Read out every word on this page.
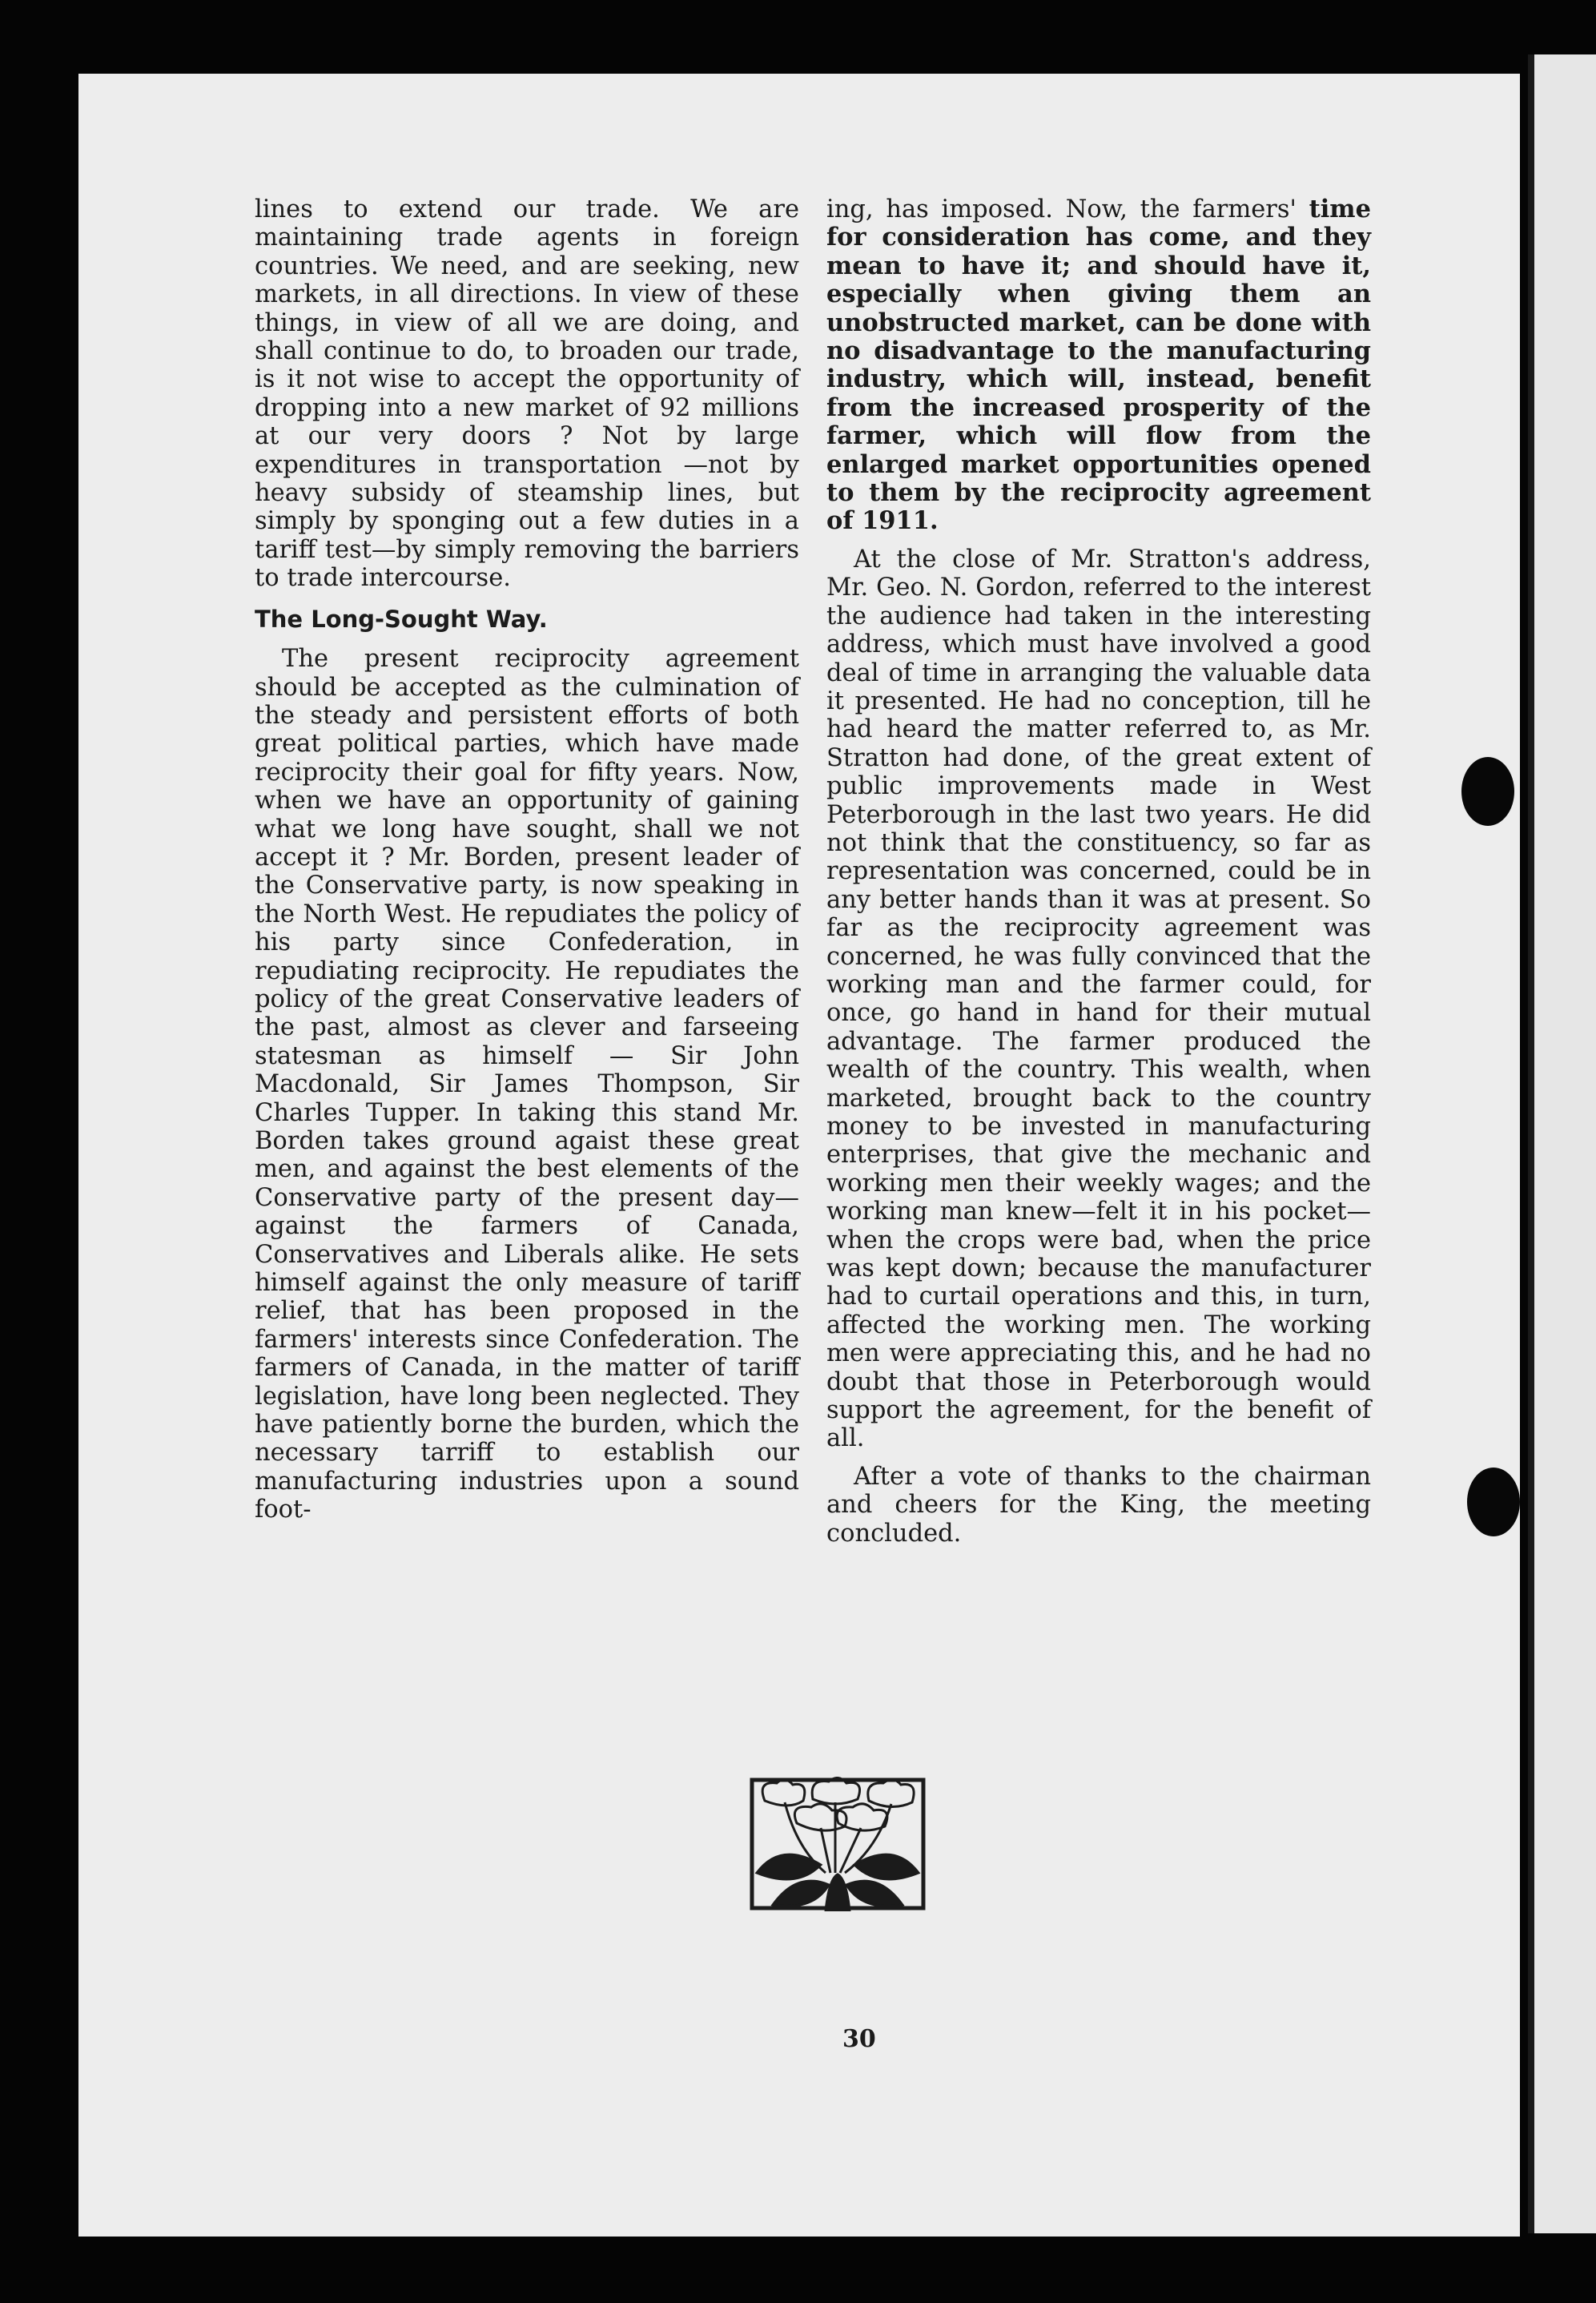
lines to extend our trade. We are maintaining trade agents in foreign countries. We need, and are seeking, new markets, in all directions. In view of these things, in view of all we are doing, and shall continue to do, to broaden our trade, is it not wise to accept the opportunity of dropping into a new market of 92 millions at our very doors ? Not by large expenditures in transportation —not by heavy subsidy of steamship lines, but simply by sponging out a few duties in a tariff test—by simply removing the barriers to trade intercourse.

The Long-Sought Way.

The present reciprocity agreement should be accepted as the culmination of the steady and persistent efforts of both great political parties, which have made reciprocity their goal for fifty years. Now, when we have an opportunity of gaining what we long have sought, shall we not accept it ? Mr. Borden, present leader of the Conservative party, is now speaking in the North West. He repudiates the policy of his party since Confederation, in repudiating reciprocity. He repudiates the policy of the great Conservative leaders of the past, almost as clever and farseeing statesman as himself — Sir John Macdonald, Sir James Thompson, Sir Charles Tupper. In taking this stand Mr. Borden takes ground agaist these great men, and against the best elements of the Conservative party of the present day—against the farmers of Canada, Conservatives and Liberals alike. He sets himself against the only measure of tariff relief, that has been proposed in the farmers' interests since Confederation. The farmers of Canada, in the matter of tariff legislation, have long been neglected. They have patiently borne the burden, which the necessary tarriff to establish our manufacturing industries upon a sound foot-

ing, has imposed. Now, the farmers' time for consideration has come, and they mean to have it; and should have it, especially when giving them an unobstructed market, can be done with no disadvantage to the manufacturing industry, which will, instead, benefit from the increased prosperity of the farmer, which will flow from the enlarged market opportunities opened to them by the reciprocity agreement of 1911.

At the close of Mr. Stratton's address, Mr. Geo. N. Gordon, referred to the interest the audience had taken in the interesting address, which must have involved a good deal of time in arranging the valuable data it presented. He had no conception, till he had heard the matter referred to, as Mr. Stratton had done, of the great extent of public improvements made in West Peterborough in the last two years. He did not think that the constituency, so far as representation was concerned, could be in any better hands than it was at present. So far as the reciprocity agreement was concerned, he was fully convinced that the working man and the farmer could, for once, go hand in hand for their mutual advantage. The farmer produced the wealth of the country. This wealth, when marketed, brought back to the country money to be invested in manufacturing enterprises, that give the mechanic and working men their weekly wages; and the working man knew—felt it in his pocket—when the crops were bad, when the price was kept down; because the manufacturer had to curtail operations and this, in turn, affected the working men. The working men were appreciating this, and he had no doubt that those in Peterborough would support the agreement, for the benefit of all.

After a vote of thanks to the chairman and cheers for the King, the meeting concluded.

30
